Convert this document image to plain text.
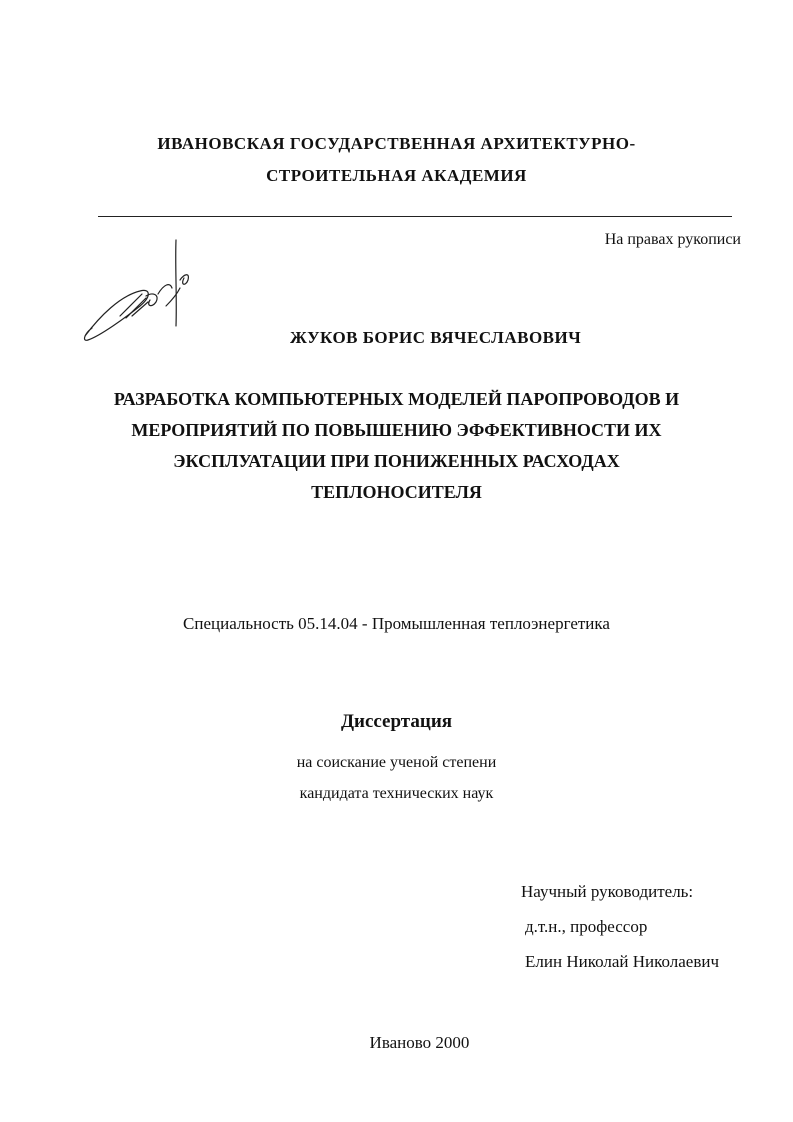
ИВАНОВСКАЯ ГОСУДАРСТВЕННАЯ АРХИТЕКТУРНО-
СТРОИТЕЛЬНАЯ АКАДЕМИЯ
На правах рукописи
ЖУКОВ БОРИС ВЯЧЕСЛАВОВИЧ
РАЗРАБОТКА КОМПЬЮТЕРНЫХ МОДЕЛЕЙ ПАРОПРОВОДОВ И
МЕРОПРИЯТИЙ ПО ПОВЫШЕНИЮ ЭФФЕКТИВНОСТИ ИХ
ЭКСПЛУАТАЦИИ ПРИ ПОНИЖЕННЫХ РАСХОДАХ
ТЕПЛОНОСИТЕЛЯ
Специальность 05.14.04 - Промышленная теплоэнергетика
Диссертация
на соискание ученой степени
кандидата технических наук
Научный руководитель:
д.т.н., профессор
Елин Николай Николаевич
Иваново 2000
